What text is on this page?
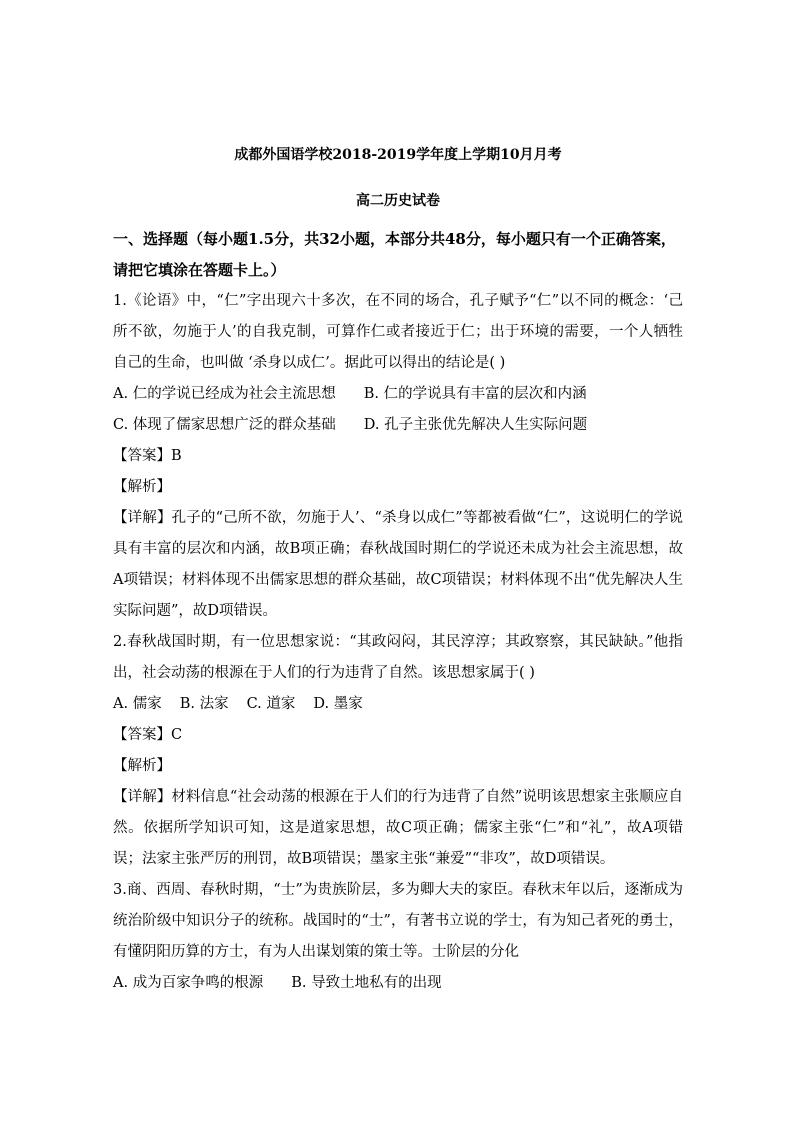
成都外国语学校2018-2019学年度上学期10月月考
高二历史试卷
一、选择题（每小题1.5分，共32小题，本部分共48分，每小题只有一个正确答案，请把它填涂在答题卡上。）

1.《论语》中，“仁”字出现六十多次，在不同的场合，孔子赋予“仁”以不同的概念：‘己所不欲，勿施于人’的自我克制，可算作仁或者接近于仁；出于环境的需要，一个人牺牲自己的生命，也叫做 ‘杀身以成仁’。据此可以得出的结论是( )

A. 仁的学说已经成为社会主流思想 B. 仁的学说具有丰富的层次和内涵
C. 体现了儒家思想广泛的群众基础 D. 孔子主张优先解决人生实际问题
【答案】B
【解析】

【详解】孔子的“己所不欲，勿施于人’、“杀身以成仁”等都被看做“仁”，这说明仁的学说具有丰富的层次和内涵，故B项正确；春秋战国时期仁的学说还未成为社会主流思想，故A项错误；材料体现不出儒家思想的群众基础，故C项错误；材料体现不出“优先解决人生实际问题”，故D项错误。

2.春秋战国时期，有一位思想家说：“其政闷闷，其民淳淳；其政察察，其民缺缺。”他指出，社会动荡的根源在于人们的行为违背了自然。该思想家属于( )

A. 儒家 B. 法家 C. 道家 D. 墨家
【答案】C
【解析】

【详解】材料信息“社会动荡的根源在于人们的行为违背了自然”说明该思想家主张顺应自然。依据所学知识可知，这是道家思想，故C项正确；儒家主张“仁”和“礼”，故A项错误；法家主张严厉的刑罚，故B项错误；墨家主张“兼爱”“非攻”，故D项错误。

3.商、西周、春秋时期，“士”为贵族阶层，多为卿大夫的家臣。春秋末年以后，逐渐成为统治阶级中知识分子的统称。战国时的“士”，有著书立说的学士，有为知己者死的勇士，有懂阴阳历算的方士，有为人出谋划策的策士等。士阶层的分化

A. 成为百家争鸣的根源 B. 导致土地私有的出现
